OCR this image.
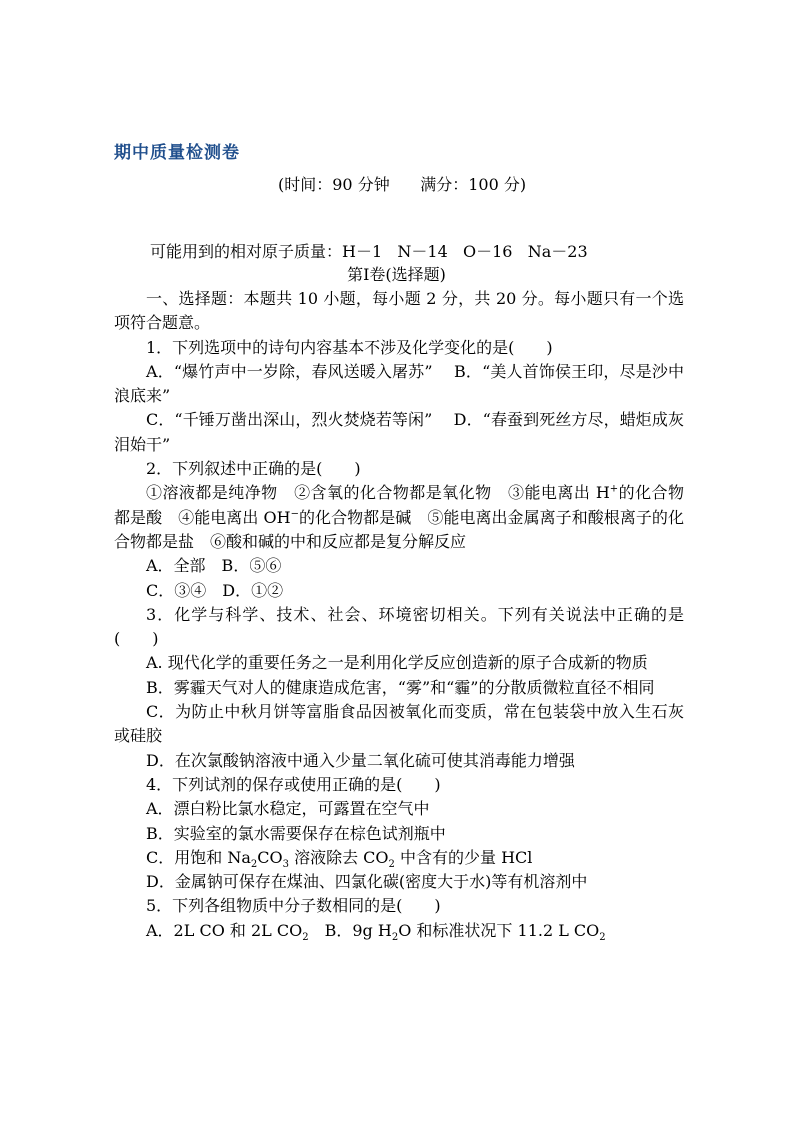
期中质量检测卷
(时间：90 分钟      满分：100 分)
可能用到的相对原子质量：H－1   N－14   O－16   Na－23
第Ⅰ卷(选择题)

一、选择题：本题共 10 小题，每小题 2 分，共 20 分。每小题只有一个选项符合题意。

1．下列选项中的诗句内容基本不涉及化学变化的是(　　)

A．“爆竹声中一岁除，春风送暖入屠苏”　 B．“美人首饰侯王印，尽是沙中浪底来”

C．“千锤万凿出深山，烈火焚烧若等闲”　 D．“春蚕到死丝方尽，蜡炬成灰泪始干”

2．下列叙述中正确的是(　　)

①溶液都是纯净物　②含氧的化合物都是氧化物　③能电离出 H+的化合物都是酸　④能电离出 OH−的化合物都是碱　⑤能电离出金属离子和酸根离子的化合物都是盐　⑥酸和碱的中和反应都是复分解反应

A．全部　B．⑤⑥

C．③④　D．①②

3．化学与科学、技术、社会、环境密切相关。下列有关说法中正确的是(　　)

A. 现代化学的重要任务之一是利用化学反应创造新的原子合成新的物质

B．雾霾天气对人的健康造成危害，“雾”和“霾”的分散质微粒直径不相同

C．为防止中秋月饼等富脂食品因被氧化而变质，常在包装袋中放入生石灰或硅胶

D．在次氯酸钠溶液中通入少量二氧化硫可使其消毒能力增强

4．下列试剂的保存或使用正确的是(　　)

A．漂白粉比氯水稳定，可露置在空气中

B．实验室的氯水需要保存在棕色试剂瓶中

C．用饱和 $Na_2CO_3$ 溶液除去 $CO_2$ 中含有的少量 HCl

D．金属钠可保存在煤油、四氯化碳(密度大于水)等有机溶剂中

5．下列各组物质中分子数相同的是(　　)

A．2L CO 和 2L $CO_2$　B．9g $H_2O$ 和标准状况下 11.2 L $CO_2$
